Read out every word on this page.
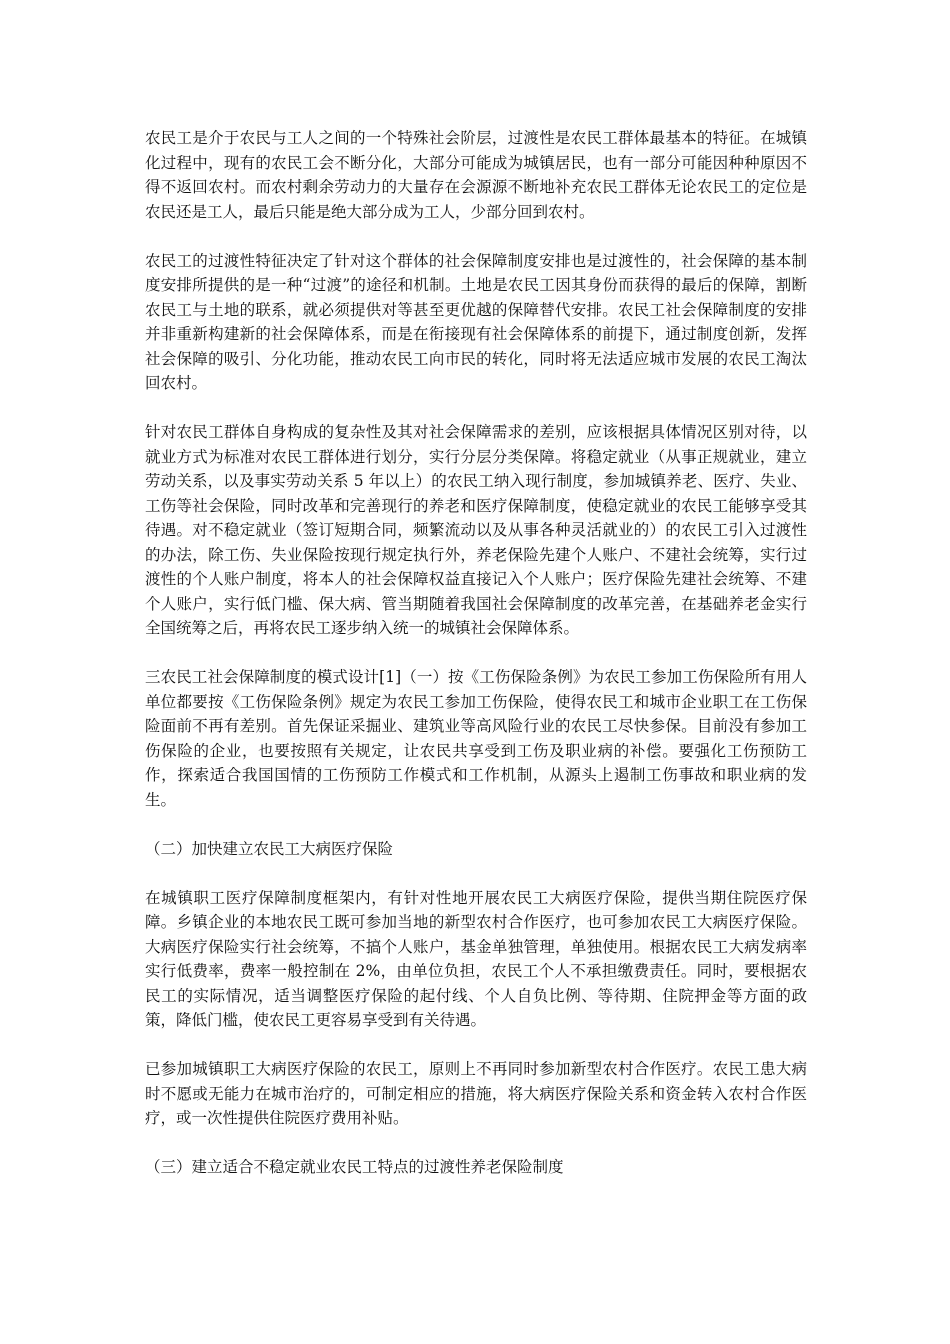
农民工是介于农民与工人之间的一个特殊社会阶层，过渡性是农民工群体最基本的特征。在城镇化过程中，现有的农民工会不断分化，大部分可能成为城镇居民，也有一部分可能因种种原因不得不返回农村。而农村剩余劳动力的大量存在会源源不断地补充农民工群体无论农民工的定位是农民还是工人，最后只能是绝大部分成为工人，少部分回到农村。

农民工的过渡性特征决定了针对这个群体的社会保障制度安排也是过渡性的，社会保障的基本制度安排所提供的是一种“过渡”的途径和机制。土地是农民工因其身份而获得的最后的保障，割断农民工与土地的联系，就必须提供对等甚至更优越的保障替代安排。农民工社会保障制度的安排并非重新构建新的社会保障体系，而是在衔接现有社会保障体系的前提下，通过制度创新，发挥社会保障的吸引、分化功能，推动农民工向市民的转化，同时将无法适应城市发展的农民工淘汰回农村。

针对农民工群体自身构成的复杂性及其对社会保障需求的差别，应该根据具体情况区别对待，以就业方式为标准对农民工群体进行划分，实行分层分类保障。将稳定就业（从事正规就业，建立劳动关系，以及事实劳动关系 5 年以上）的农民工纳入现行制度，参加城镇养老、医疗、失业、工伤等社会保险，同时改革和完善现行的养老和医疗保障制度，使稳定就业的农民工能够享受其待遇。对不稳定就业（签订短期合同，频繁流动以及从事各种灵活就业的）的农民工引入过渡性的办法，除工伤、失业保险按现行规定执行外，养老保险先建个人账户、不建社会统筹，实行过渡性的个人账户制度，将本人的社会保障权益直接记入个人账户；医疗保险先建社会统筹、不建个人账户，实行低门槛、保大病、管当期随着我国社会保障制度的改革完善，在基础养老金实行全国统筹之后，再将农民工逐步纳入统一的城镇社会保障体系。

三农民工社会保障制度的模式设计[1]（一）按《工伤保险条例》为农民工参加工伤保险所有用人单位都要按《工伤保险条例》规定为农民工参加工伤保险，使得农民工和城市企业职工在工伤保险面前不再有差别。首先保证采掘业、建筑业等高风险行业的农民工尽快参保。目前没有参加工伤保险的企业，也要按照有关规定，让农民共享受到工伤及职业病的补偿。要强化工伤预防工作，探索适合我国国情的工伤预防工作模式和工作机制，从源头上遏制工伤事故和职业病的发生。

（二）加快建立农民工大病医疗保险

在城镇职工医疗保障制度框架内，有针对性地开展农民工大病医疗保险，提供当期住院医疗保障。乡镇企业的本地农民工既可参加当地的新型农村合作医疗，也可参加农民工大病医疗保险。大病医疗保险实行社会统筹，不搞个人账户，基金单独管理，单独使用。根据农民工大病发病率实行低费率，费率一般控制在 2%，由单位负担，农民工个人不承担缴费责任。同时，要根据农民工的实际情况，适当调整医疗保险的起付线、个人自负比例、等待期、住院押金等方面的政策，降低门槛，使农民工更容易享受到有关待遇。

已参加城镇职工大病医疗保险的农民工，原则上不再同时参加新型农村合作医疗。农民工患大病时不愿或无能力在城市治疗的，可制定相应的措施，将大病医疗保险关系和资金转入农村合作医疗，或一次性提供住院医疗费用补贴。

（三）建立适合不稳定就业农民工特点的过渡性养老保险制度
